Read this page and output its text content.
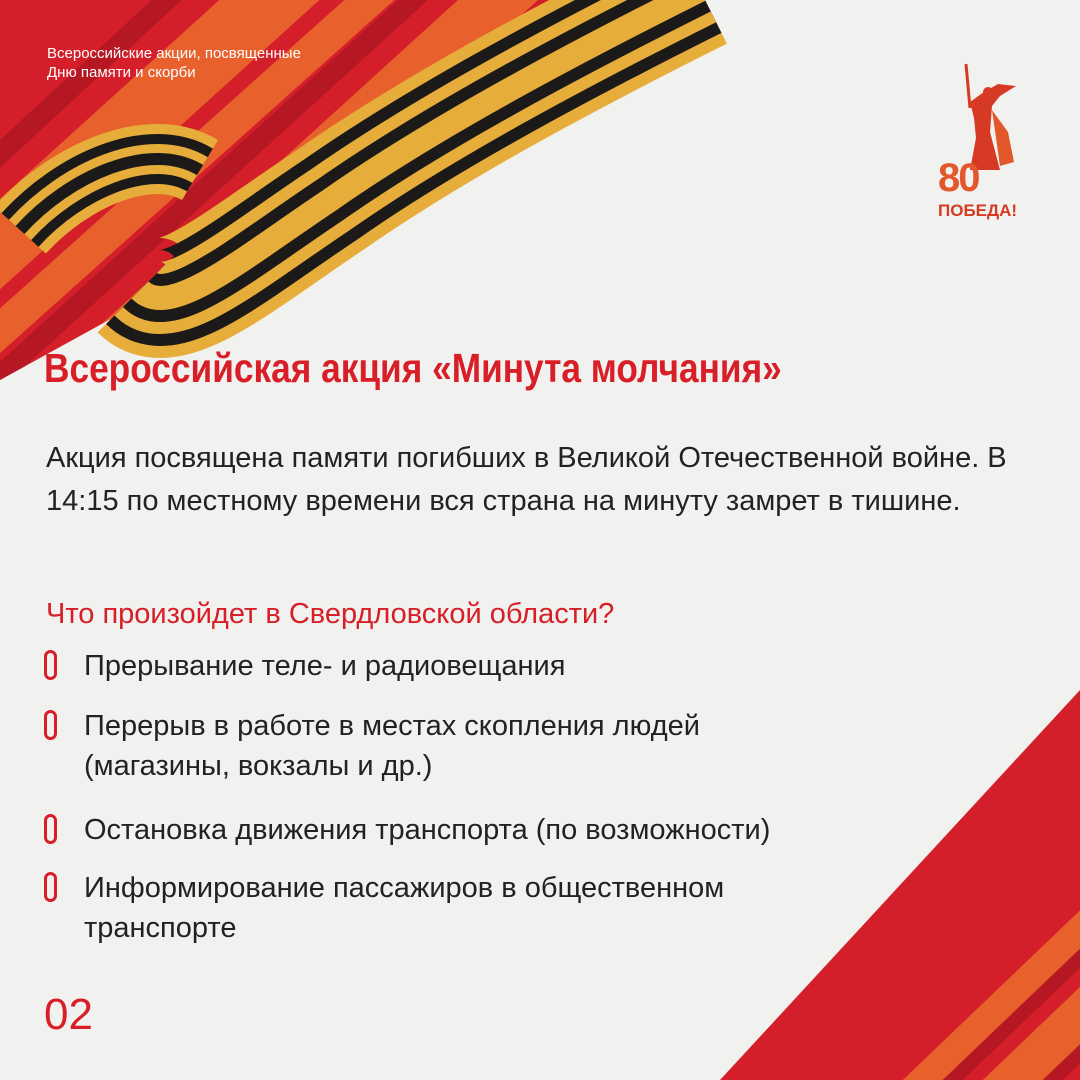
Всероссийские акции, посвященные
Дню памяти и скорби
80
ПОБЕДА!
Всероссийская акция «Минута молчания»

Акция посвящена памяти погибших в Великой Отечественной войне. В 14:15 по местному времени вся страна на минуту замрет в тишине.

Что произойдет в Свердловской области?

Прерывание теле- и радиовещания
Перерыв в работе в местах скопления людей (магазины, вокзалы и др.)
Остановка движения транспорта (по возможности)
Информирование пассажиров в общественном транспорте

02
